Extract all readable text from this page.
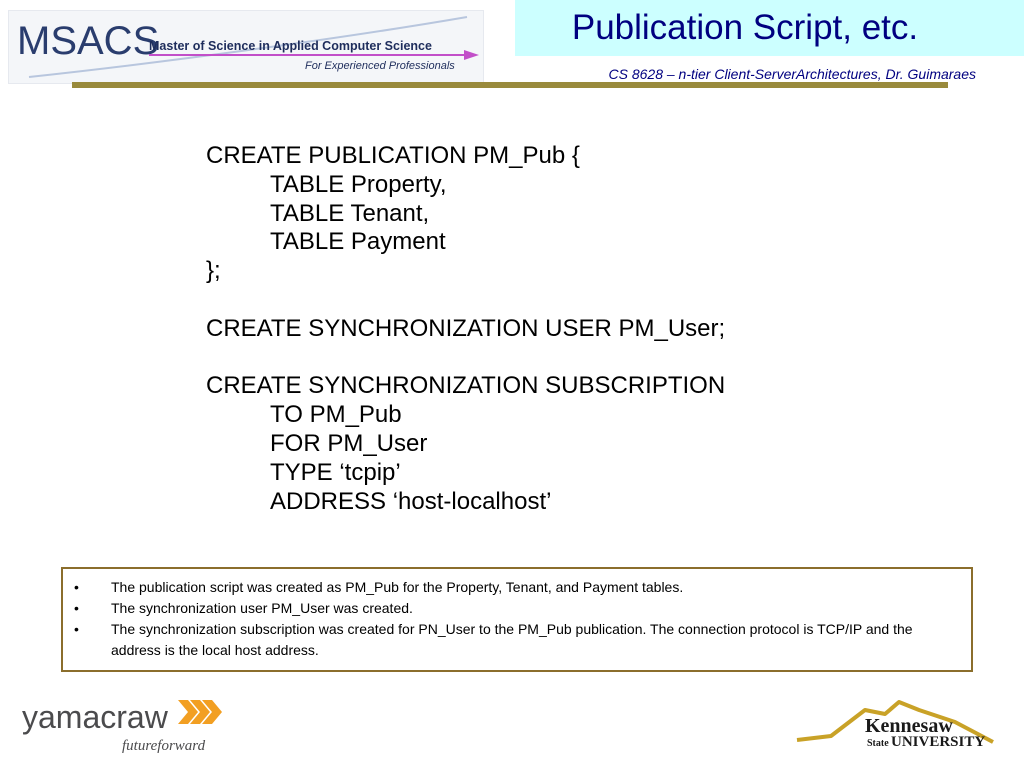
MSACS
Master of Science in Applied Computer Science
For Experienced Professionals
Publication Script, etc.
CS 8628 – n-tier Client-ServerArchitectures, Dr. Guimaraes
CREATE PUBLICATION PM_Pub {
TABLE Property,
TABLE Tenant,
TABLE Payment
};
CREATE SYNCHRONIZATION USER PM_User;
CREATE SYNCHRONIZATION SUBSCRIPTION
TO PM_Pub
FOR PM_User
TYPE ‘tcpip’
ADDRESS ‘host-localhost’
• The publication script was created as PM_Pub for the Property, Tenant, and Payment tables.
• The synchronization user PM_User was created.
• The synchronization subscription was created for PN_User to the PM_Pub publication. The connection protocol is TCP/IP and the address is the local host address.
yamacraw
futureforward
Kennesaw
State UNIVERSITY
